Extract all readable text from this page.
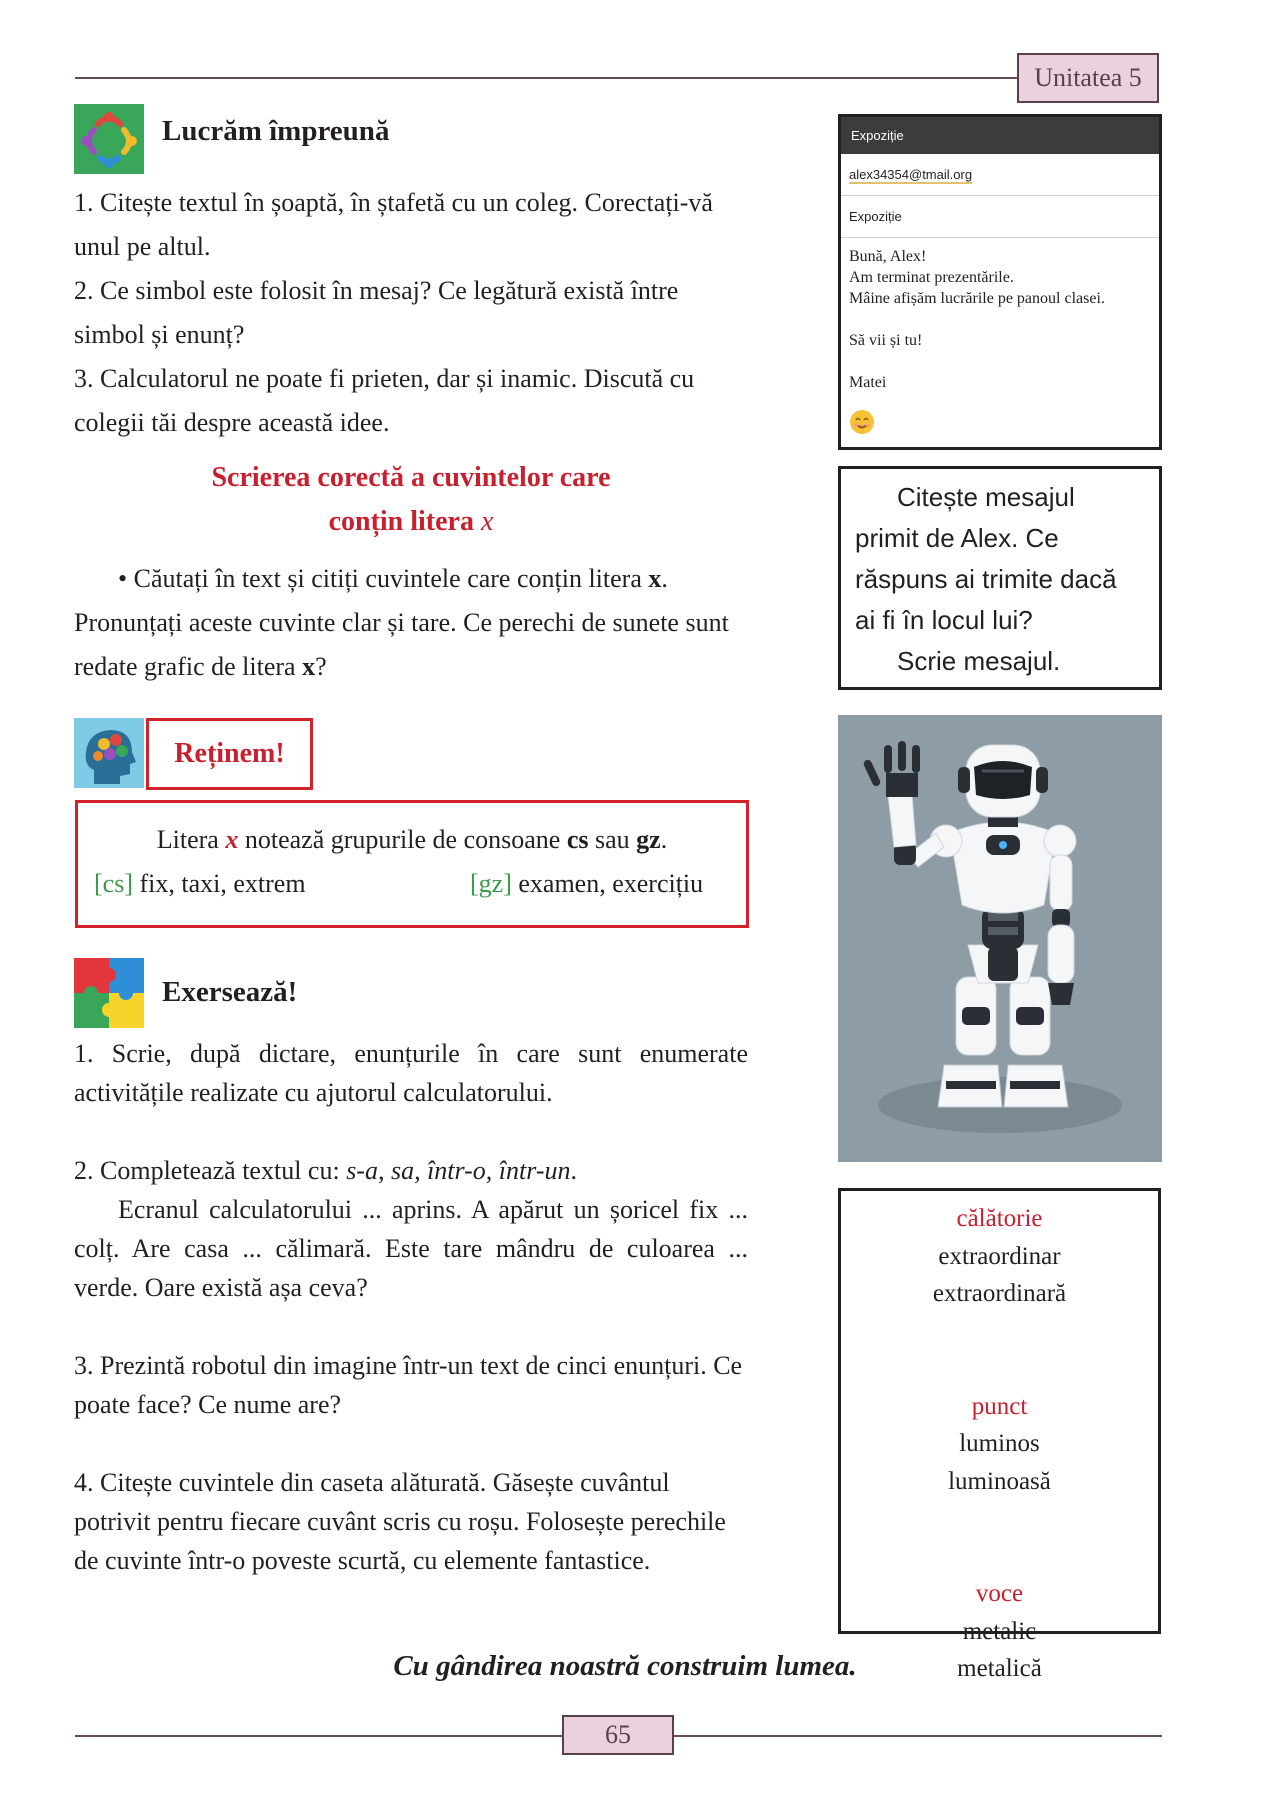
Unitatea 5
Lucrăm împreună
1. Citește textul în șoaptă, în ștafetă cu un coleg. Corectați-vă unul pe altul.
2. Ce simbol este folosit în mesaj? Ce legătură există între simbol și enunț?
3. Calculatorul ne poate fi prieten, dar și inamic. Discută cu colegii tăi despre această idee.
Scrierea corectă a cuvintelor care
conțin litera x
• Căutați în text și citiți cuvintele care conțin litera x. Pronunțați aceste cuvinte clar și tare. Ce perechi de sunete sunt redate grafic de litera x?
Reținem!
Litera x notează grupurile de consoane cs sau gz.
[cs] fix, taxi, extrem	[gz] examen, exercițiu
Exersează!
1. Scrie, după dictare, enunțurile în care sunt enumerate activitățile realizate cu ajutorul calculatorului.
2. Completează textul cu: s-a, sa, într-o, într-un.
Ecranul calculatorului ... aprins. A apărut un șoricel fix ... colț. Are casa ... călimară. Este tare mândru de culoarea ... verde. Oare există așa ceva?
3. Prezintă robotul din imagine într-un text de cinci enunțuri. Ce poate face? Ce nume are?
4. Citește cuvintele din caseta alăturată. Găsește cuvântul potrivit pentru fiecare cuvânt scris cu roșu. Folosește perechile de cuvinte într-o poveste scurtă, cu elemente fantastice.
Expoziție
alex34354@tmail.org
Expoziție
Bună, Alex!
Am terminat prezentările.
Mâine afișăm lucrările pe panoul clasei.
Să vii și tu!
Matei
Citește mesajul
primit de Alex. Ce
răspuns ai trimite dacă
ai fi în locul lui?
Scrie mesajul.
călătorie
extraordinar
extraordinară
punct
luminos
luminoasă
voce
metalic
metalică
Cu gândirea noastră construim lumea.
65
